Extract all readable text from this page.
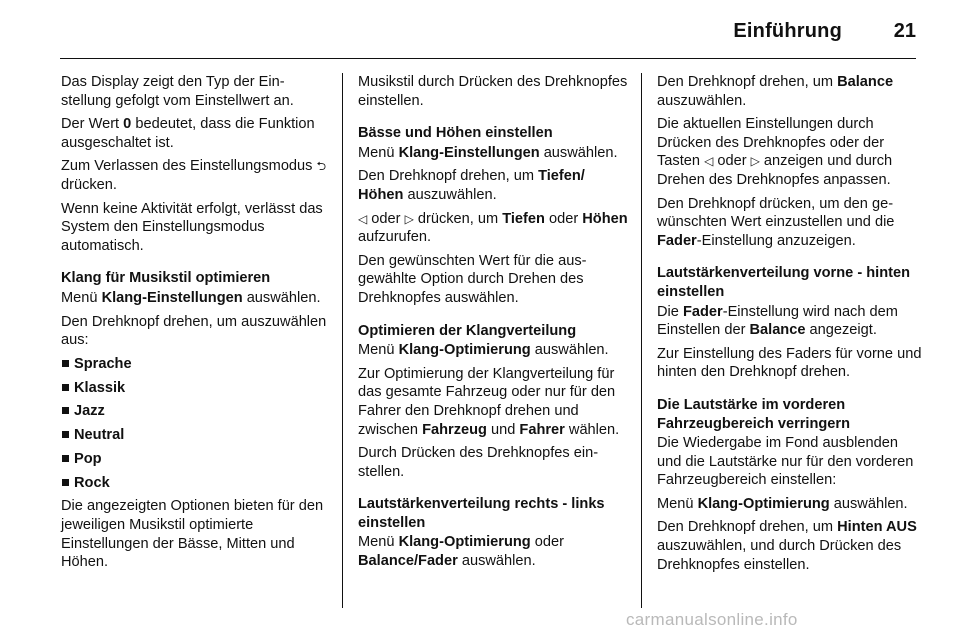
Einführung	21

Das Display zeigt den Typ der Einstellung gefolgt vom Einstellwert an.

Der Wert 0 bedeutet, dass die Funktion ausgeschaltet ist.

Zum Verlassen des Einstellungsmodus ⮌ drücken.

Wenn keine Aktivität erfolgt, verlässt das System den Einstellungsmodus automatisch.

Klang für Musikstil optimieren

Menü Klang-Einstellungen auswählen.

Den Drehknopf drehen, um auszuwählen aus:

Sprache
Klassik
Jazz
Neutral
Pop
Rock

Die angezeigten Optionen bieten für den jeweiligen Musikstil optimierte Einstellungen der Bässe, Mitten und Höhen.

Musikstil durch Drücken des Drehknopfes einstellen.

Bässe und Höhen einstellen

Menü Klang-Einstellungen auswählen.

Den Drehknopf drehen, um Tiefen/ Höhen auszuwählen.

◁ oder ▷ drücken, um Tiefen oder Höhen aufzurufen.

Den gewünschten Wert für die ausgewählte Option durch Drehen des Drehknopfes auswählen.

Optimieren der Klangverteilung

Menü Klang-Optimierung auswählen.

Zur Optimierung der Klangverteilung für das gesamte Fahrzeug oder nur für den Fahrer den Drehknopf drehen und zwischen Fahrzeug und Fahrer wählen.

Durch Drücken des Drehknopfes einstellen.

Lautstärkenverteilung rechts - links einstellen

Menü Klang-Optimierung oder Balance/Fader auswählen.

Den Drehknopf drehen, um Balance auszuwählen.

Die aktuellen Einstellungen durch Drücken des Drehknopfes oder der Tasten ◁ oder ▷ anzeigen und durch Drehen des Drehknopfes anpassen.

Den Drehknopf drücken, um den gewünschten Wert einzustellen und die Fader-Einstellung anzuzeigen.

Lautstärkenverteilung vorne - hinten einstellen

Die Fader-Einstellung wird nach dem Einstellen der Balance angezeigt.

Zur Einstellung des Faders für vorne und hinten den Drehknopf drehen.

Die Lautstärke im vorderen Fahrzeugbereich verringern

Die Wiedergabe im Fond ausblenden und die Lautstärke nur für den vorderen Fahrzeugbereich einstellen:

Menü Klang-Optimierung auswählen.

Den Drehknopf drehen, um Hinten AUS auszuwählen, und durch Drücken des Drehknopfes einstellen.

carmanualsonline.info
